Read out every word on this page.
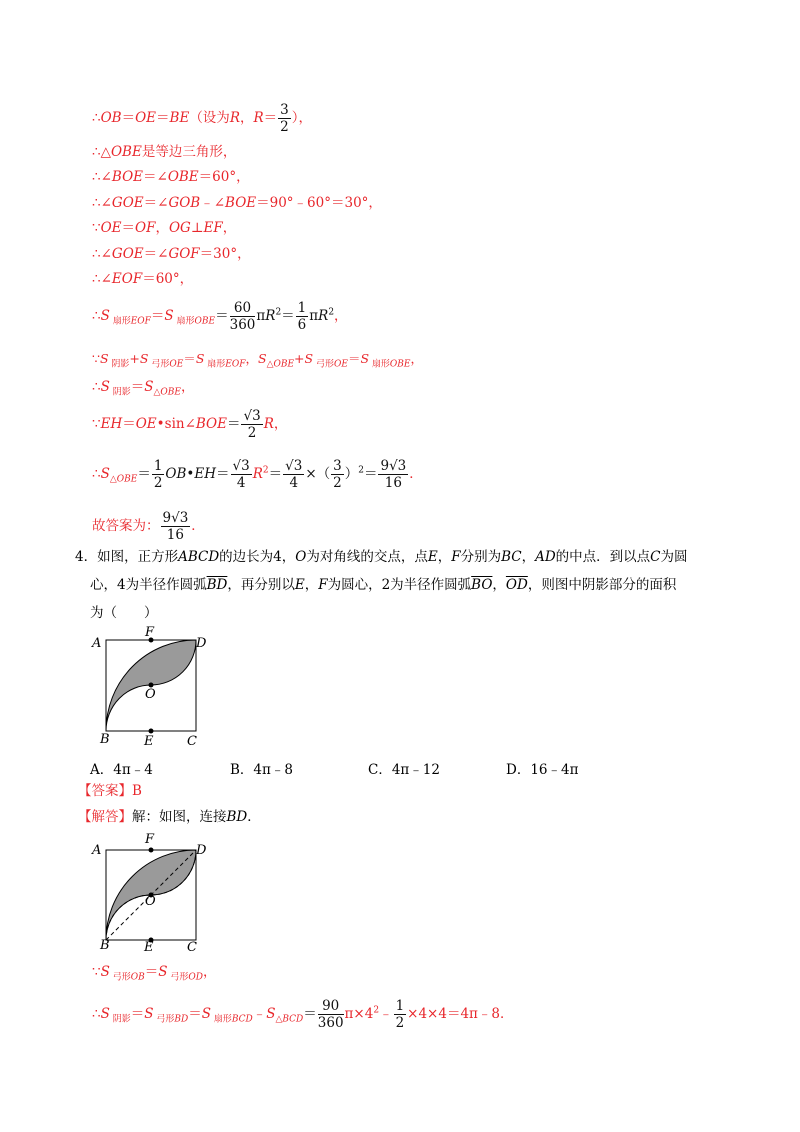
∴OB＝OE＝BE（设为R，$R= \frac{3}{2}$ ），
∴△OBE是等边三角形，
∴∠BOE＝∠OBE＝60°，
∴∠GOE＝∠GOB﹣∠BOE＝90°﹣60°＝30°，
∵OE＝OF，OG⊥EF，
∴∠GOE＝∠GOF＝30°，
∴∠EOF＝60°，
∴S $_{扇形EOF}$＝S $_{扇形OBE}= \frac{60}{360} \pi R^2= \frac{1}{6} \pi R^2$，
∵S $_{阴影}$+S $_{弓形OE}$＝S $_{扇形EOF}$，$S_{\triangle OBE}+S$ $_{弓形OE}$＝S $_{扇形OBE}$，
∴S $_{阴影}=S_{\triangle OBE}$，
∵EH＝OE•sin∠BOE＝ $\frac{√3}{2}$ R，
$\therefore S_{\triangle OBE}= \frac{1}{2}$ OB•EH＝ $\frac{√3}{4} R^2= \frac{√3}{4}$ ×（ $\frac{3}{2} )^2= \frac{9√3}{16}$ ．
故答案为： $\frac{9√3}{16}$ ．
4．如图，正方形ABCD的边长为4，O为对角线的交点，点E，F分别为BC，AD的中点．到以点C为圆
心，4为半径作圆弧$\overline{BD}$，再分别以E，F为圆心，2为半径作圆弧$\overline{BO}$，$\overline{OD}$，则图中阴影部分的面积
为（　　）
A
F
D
O
B	E	C
A．4π﹣4	B．4π﹣8	C．4π﹣12	D．16﹣4π
【答案】B
【解答】解：如图，连接BD．
A
F
D
O
B	E	C
∵S $_{弓形OB}$＝S $_{弓形OD}$，
∴S $_{阴影}$＝S $_{弓形BD}$＝S $_{扇形BCD}﹣S_{\triangle BCD}= \frac{90}{360}$ $\pi\times 4^2﹣ \frac{1}{2}$ ×4×4＝4π﹣8．
